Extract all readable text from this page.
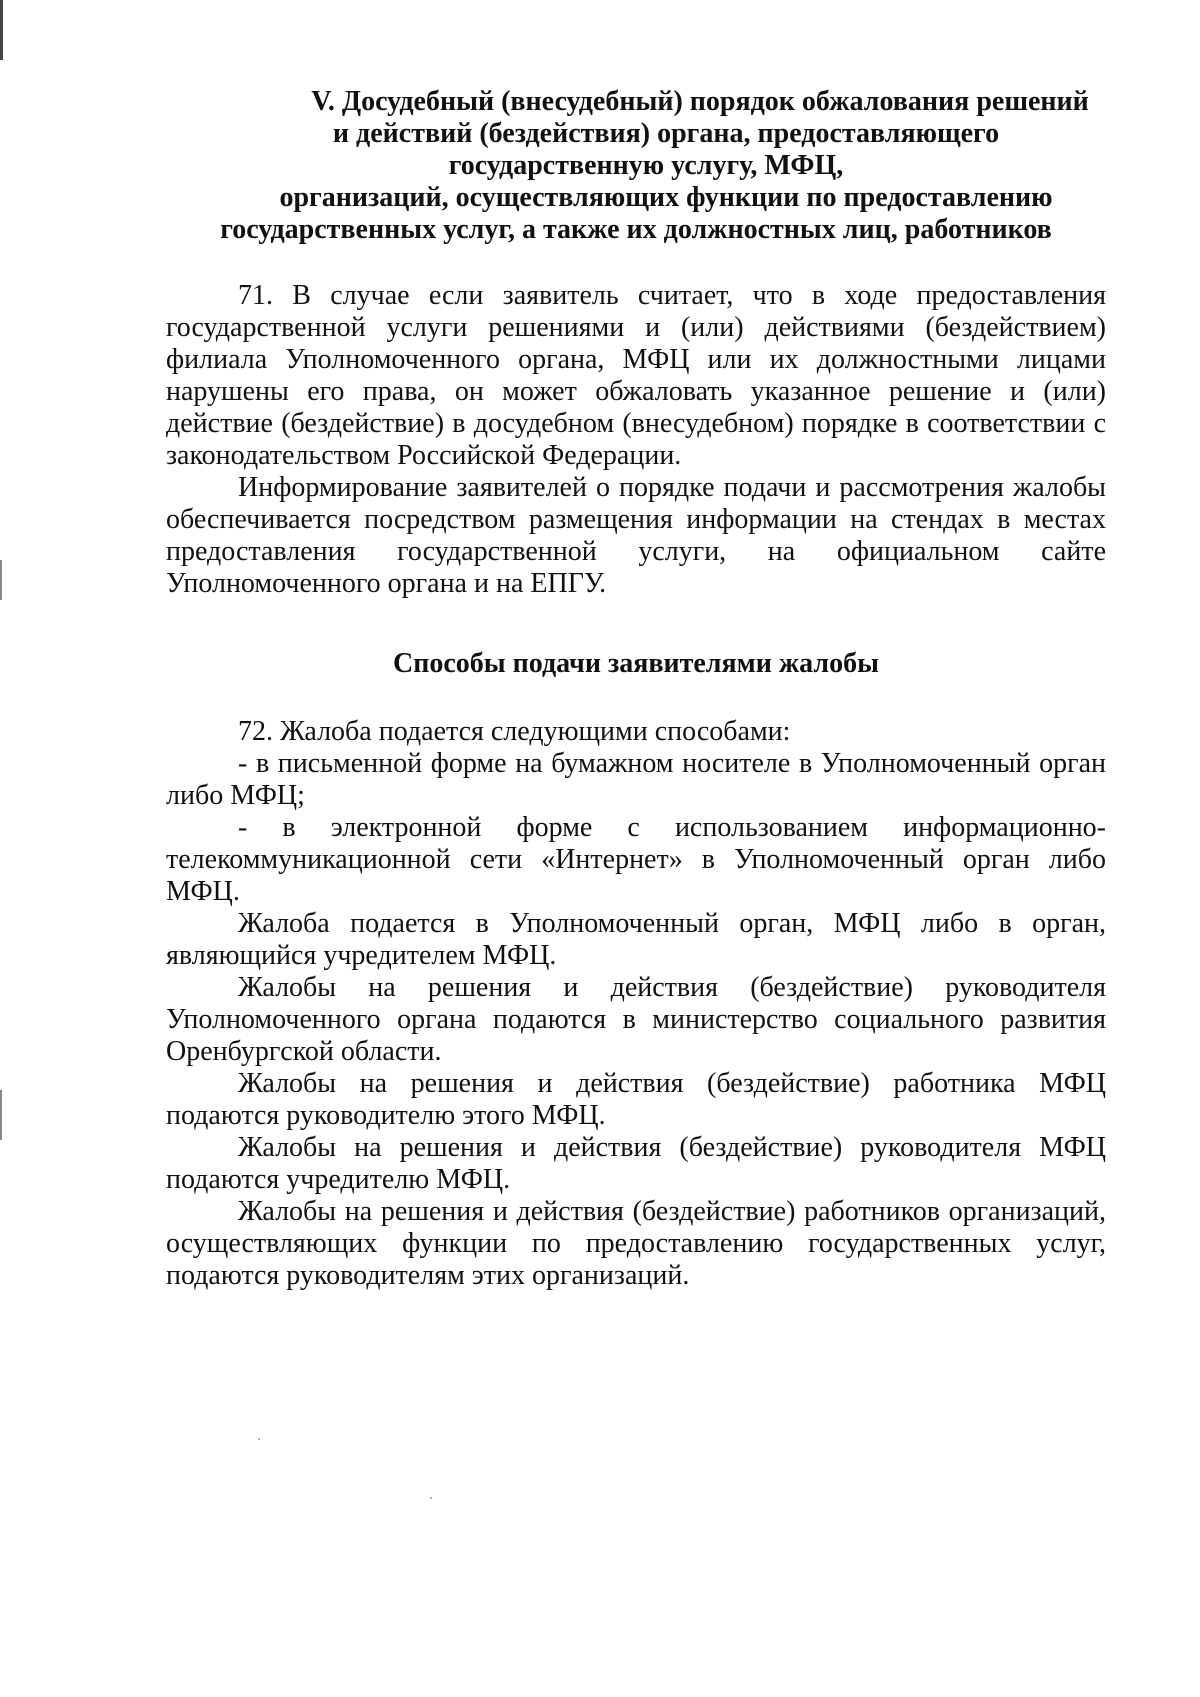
V. Досудебный (внесудебный) порядок обжалования решений
и действий (бездействия) органа, предоставляющего
государственную услугу, МФЦ,
организаций, осуществляющих функции по предоставлению
государственных услуг, а также их должностных лиц, работников

71. В случае если заявитель считает, что в ходе предоставления государственной услуги решениями и (или) действиями (бездействием) филиала Уполномоченного органа, МФЦ или их должностными лицами нарушены его права, он может обжаловать указанное решение и (или) действие (бездействие) в досудебном (внесудебном) порядке в соответствии с законодательством Российской Федерации.

Информирование заявителей о порядке подачи и рассмотрения жалобы обеспечивается посредством размещения информации на стендах в местах предоставления государственной услуги, на официальном сайте Уполномоченного органа и на ЕПГУ.

Способы подачи заявителями жалобы

72. Жалоба подается следующими способами:

- в письменной форме на бумажном носителе в Уполномоченный орган либо МФЦ;

- в электронной форме с использованием информационно-телекоммуникационной сети «Интернет» в Уполномоченный орган либо МФЦ.

Жалоба подается в Уполномоченный орган, МФЦ либо в орган, являющийся учредителем МФЦ.

Жалобы на решения и действия (бездействие) руководителя Уполномоченного органа подаются в министерство социального развития Оренбургской области.

Жалобы на решения и действия (бездействие) работника МФЦ подаются руководителю этого МФЦ.

Жалобы на решения и действия (бездействие) руководителя МФЦ подаются учредителю МФЦ.

Жалобы на решения и действия (бездействие) работников организаций, осуществляющих функции по предоставлению государственных услуг, подаются руководителям этих организаций.
